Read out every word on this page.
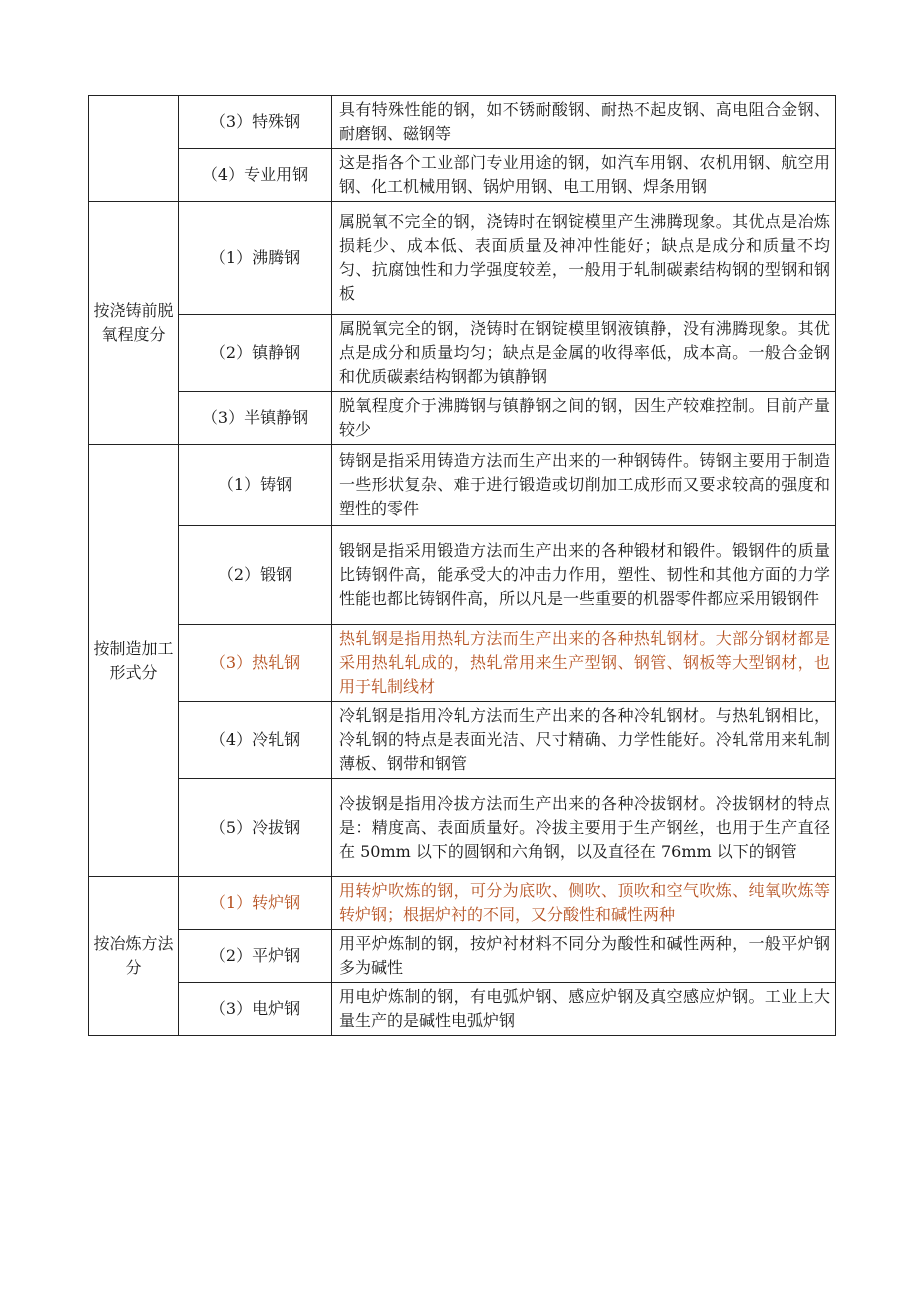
	（3）特殊钢	具有特殊性能的钢，如不锈耐酸钢、耐热不起皮钢、高电阻合金钢、耐磨钢、磁钢等
	（4）专业用钢	这是指各个工业部门专业用途的钢，如汽车用钢、农机用钢、航空用钢、化工机械用钢、锅炉用钢、电工用钢、焊条用钢
按浇铸前脱氧程度分	（1）沸腾钢	属脱氧不完全的钢，浇铸时在钢锭模里产生沸腾现象。其优点是冶炼损耗少、成本低、表面质量及神冲性能好；缺点是成分和质量不均匀、抗腐蚀性和力学强度较差，一般用于轧制碳素结构钢的型钢和钢板
	（2）镇静钢	属脱氧完全的钢，浇铸时在钢锭模里钢液镇静，没有沸腾现象。其优点是成分和质量均匀；缺点是金属的收得率低，成本高。一般合金钢和优质碳素结构钢都为镇静钢
	（3）半镇静钢	脱氧程度介于沸腾钢与镇静钢之间的钢，因生产较难控制。目前产量较少
按制造加工形式分	（1）铸钢	铸钢是指采用铸造方法而生产出来的一种钢铸件。铸钢主要用于制造一些形状复杂、难于进行锻造或切削加工成形而又要求较高的强度和塑性的零件
	（2）锻钢	锻钢是指采用锻造方法而生产出来的各种锻材和锻件。锻钢件的质量比铸钢件高，能承受大的冲击力作用，塑性、韧性和其他方面的力学性能也都比铸钢件高，所以凡是一些重要的机器零件都应采用锻钢件
	（3）热轧钢	热轧钢是指用热轧方法而生产出来的各种热轧钢材。大部分钢材都是采用热轧轧成的，热轧常用来生产型钢、钢管、钢板等大型钢材，也用于轧制线材
	（4）冷轧钢	冷轧钢是指用冷轧方法而生产出来的各种冷轧钢材。与热轧钢相比，冷轧钢的特点是表面光洁、尺寸精确、力学性能好。冷轧常用来轧制薄板、钢带和钢管
	（5）冷拔钢	冷拔钢是指用冷拔方法而生产出来的各种冷拔钢材。冷拔钢材的特点是：精度高、表面质量好。冷拔主要用于生产钢丝，也用于生产直径在 50mm 以下的圆钢和六角钢，以及直径在 76mm 以下的钢管
按冶炼方法　分	（1）转炉钢	用转炉吹炼的钢，可分为底吹、侧吹、顶吹和空气吹炼、纯氧吹炼等转炉钢；根据炉衬的不同，又分酸性和碱性两种
	（2）平炉钢	用平炉炼制的钢，按炉衬材料不同分为酸性和碱性两种，一般平炉钢多为碱性
	（3）电炉钢	用电炉炼制的钢，有电弧炉钢、感应炉钢及真空感应炉钢。工业上大量生产的是碱性电弧炉钢
